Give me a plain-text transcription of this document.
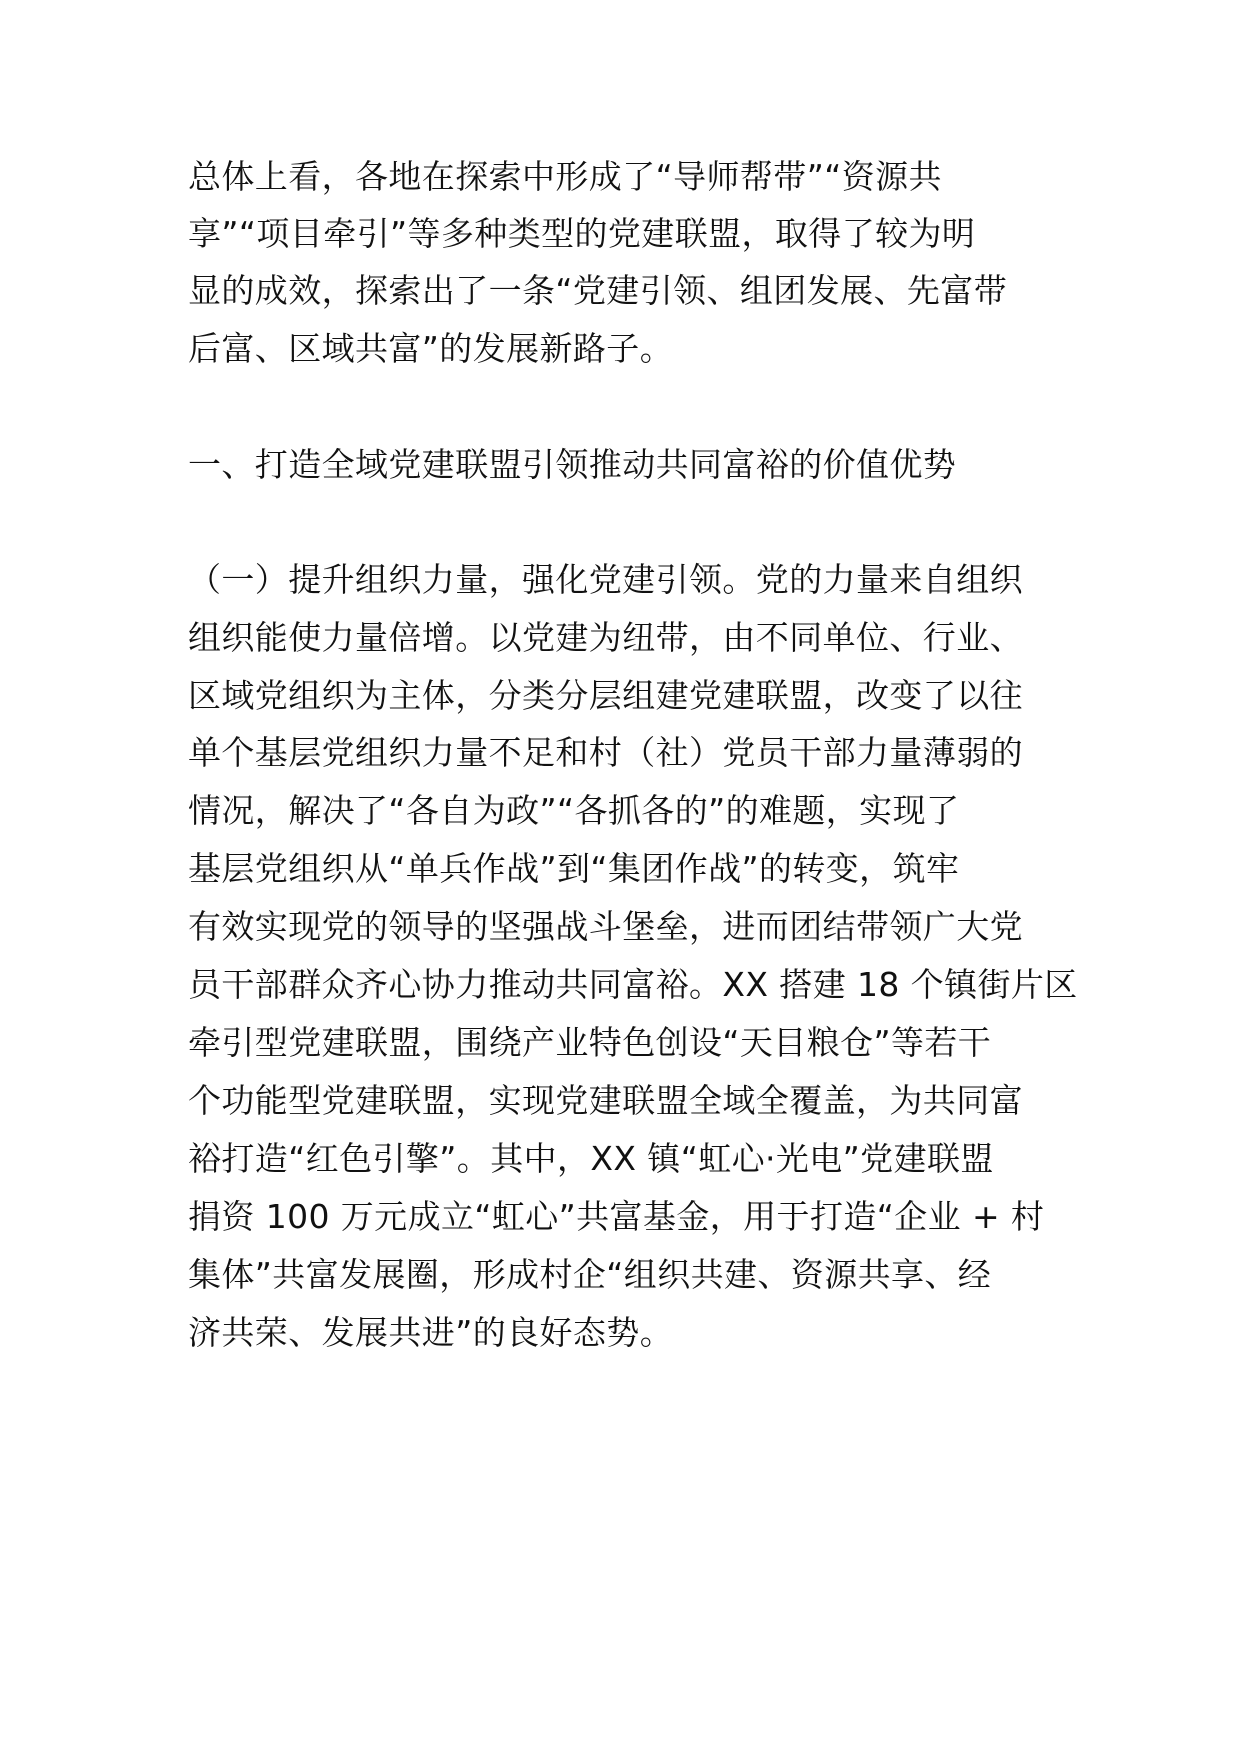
总体上看，各地在探索中形成了“导师帮带”“资源共
享”“项目牵引”等多种类型的党建联盟，取得了较为明
显的成效，探索出了一条“党建引领、组团发展、先富带
后富、区域共富”的发展新路子。
一、打造全域党建联盟引领推动共同富裕的价值优势
（一）提升组织力量，强化党建引领。党的力量来自组织
组织能使力量倍增。以党建为纽带，由不同单位、行业、
区域党组织为主体，分类分层组建党建联盟，改变了以往
单个基层党组织力量不足和村（社）党员干部力量薄弱的
情况，解决了“各自为政”“各抓各的”的难题，实现了
基层党组织从“单兵作战”到“集团作战”的转变，筑牢
有效实现党的领导的坚强战斗堡垒，进而团结带领广大党
员干部群众齐心协力推动共同富裕。XX 搭建 18 个镇街片区
牵引型党建联盟，围绕产业特色创设“天目粮仓”等若干
个功能型党建联盟，实现党建联盟全域全覆盖，为共同富
裕打造“红色引擎”。其中，XX 镇“虹心·光电”党建联盟
捐资 100 万元成立“虹心”共富基金，用于打造“企业 + 村
集体”共富发展圈，形成村企“组织共建、资源共享、经
济共荣、发展共进”的良好态势。
